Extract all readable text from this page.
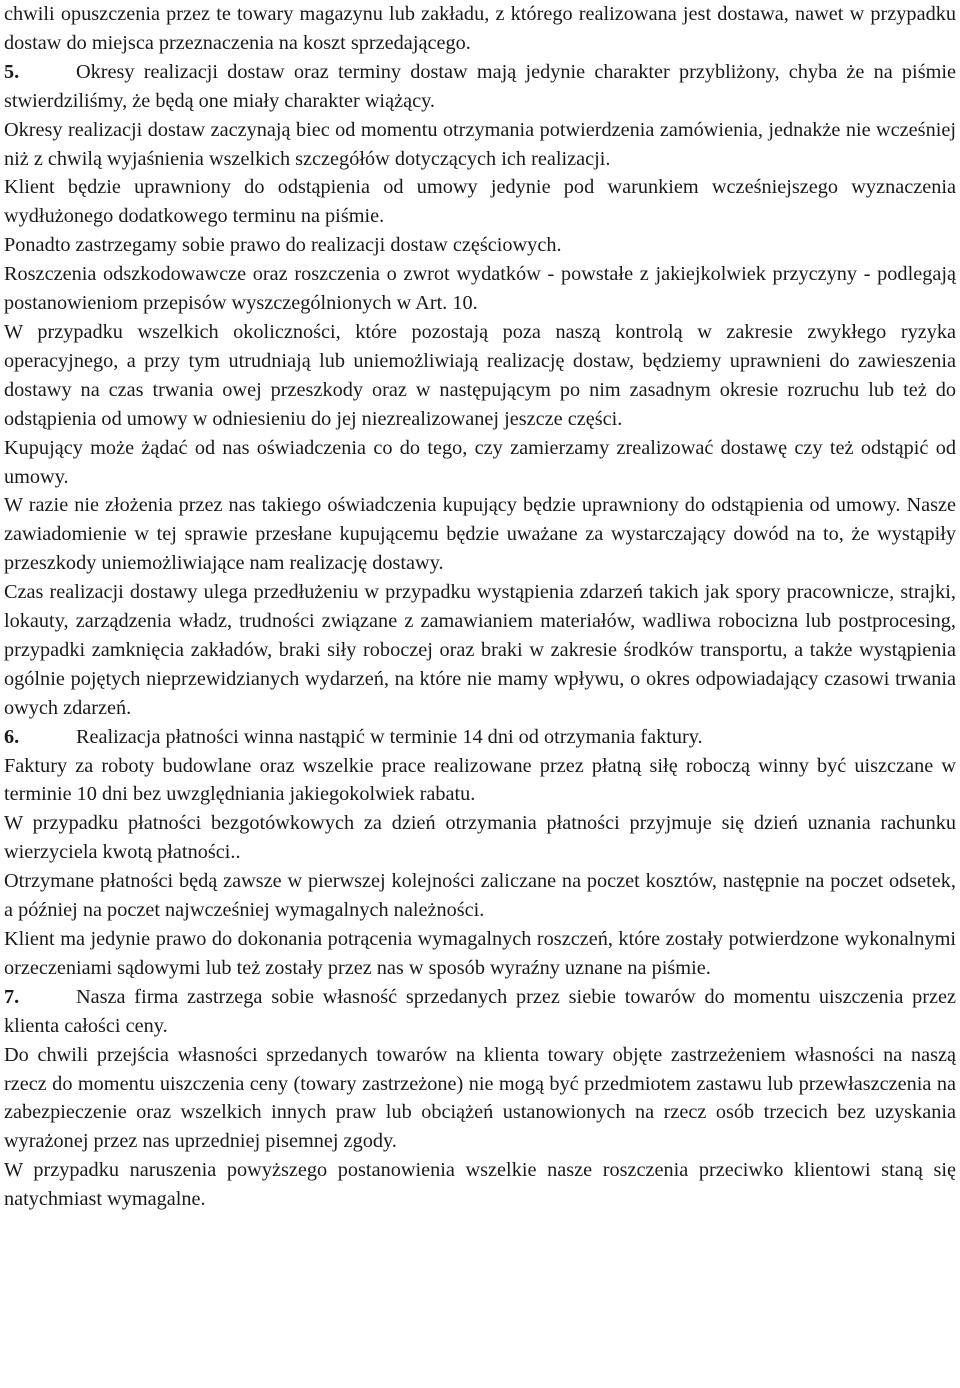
chwili opuszczenia przez te towary magazynu lub zakładu, z którego realizowana jest dostawa, nawet w przypadku dostaw do miejsca przeznaczenia na koszt sprzedającego.

5.	Okresy realizacji dostaw oraz terminy dostaw mają jedynie charakter przybliżony, chyba że na piśmie stwierdziliśmy, że będą one miały charakter wiążący.

Okresy realizacji dostaw zaczynają biec od momentu otrzymania potwierdzenia zamówienia, jednakże nie wcześniej niż z chwilą wyjaśnienia wszelkich szczegółów dotyczących ich realizacji.

Klient będzie uprawniony do odstąpienia od umowy jedynie pod warunkiem wcześniejszego wyznaczenia wydłużonego dodatkowego terminu na piśmie.

Ponadto zastrzegamy sobie prawo do realizacji dostaw częściowych.

Roszczenia odszkodowawcze oraz roszczenia o zwrot wydatków - powstałe z jakiejkolwiek przyczyny - podlegają postanowieniom przepisów wyszczególnionych w Art. 10.

W przypadku wszelkich okoliczności, które pozostają poza naszą kontrolą w zakresie zwykłego ryzyka operacyjnego, a przy tym utrudniają lub uniemożliwiają realizację dostaw, będziemy uprawnieni do zawieszenia dostawy na czas trwania owej przeszkody oraz w następującym po nim zasadnym okresie rozruchu lub też do odstąpienia od umowy w odniesieniu do jej niezrealizowanej jeszcze części.

Kupujący może żądać od nas oświadczenia co do tego, czy zamierzamy zrealizować dostawę czy też odstąpić od umowy.

W razie nie złożenia przez nas takiego oświadczenia kupujący będzie uprawniony do odstąpienia od umowy. Nasze zawiadomienie w tej sprawie przesłane kupującemu będzie uważane za wystarczający dowód na to, że wystąpiły przeszkody uniemożliwiające nam realizację dostawy.

Czas realizacji dostawy ulega przedłużeniu w przypadku wystąpienia zdarzeń takich jak spory pracownicze, strajki, lokauty, zarządzenia władz, trudności związane z zamawianiem materiałów, wadliwa robocizna lub postprocesing, przypadki zamknięcia zakładów, braki siły roboczej oraz braki w zakresie środków transportu, a także wystąpienia ogólnie pojętych nieprzewidzianych wydarzeń, na które nie mamy wpływu, o okres odpowiadający czasowi trwania owych zdarzeń.

6.	Realizacja płatności winna nastąpić w terminie 14 dni od otrzymania faktury.

Faktury za roboty budowlane oraz wszelkie prace realizowane przez płatną siłę roboczą winny być uiszczane w terminie 10 dni bez uwzględniania jakiegokolwiek rabatu.

W przypadku płatności bezgotówkowych za dzień otrzymania płatności przyjmuje się dzień uznania rachunku wierzyciela kwotą płatności..

Otrzymane płatności będą zawsze w pierwszej kolejności zaliczane na poczet kosztów, następnie na poczet odsetek, a później na poczet najwcześniej wymagalnych należności.

Klient ma jedynie prawo do dokonania potrącenia wymagalnych roszczeń, które zostały potwierdzone wykonalnymi orzeczeniami sądowymi lub też zostały przez nas w sposób wyraźny uznane na piśmie.

7.	Nasza firma zastrzega sobie własność sprzedanych przez siebie towarów do momentu uiszczenia przez klienta całości ceny.

Do chwili przejścia własności sprzedanych towarów na klienta towary objęte zastrzeżeniem własności na naszą rzecz do momentu uiszczenia ceny (towary zastrzeżone) nie mogą być przedmiotem zastawu lub przewłaszczenia na zabezpieczenie oraz wszelkich innych praw lub obciążeń ustanowionych na rzecz osób trzecich bez uzyskania wyrażonej przez nas uprzedniej pisemnej zgody.

W przypadku naruszenia powyższego postanowienia wszelkie nasze roszczenia przeciwko klientowi staną się natychmiast wymagalne.
